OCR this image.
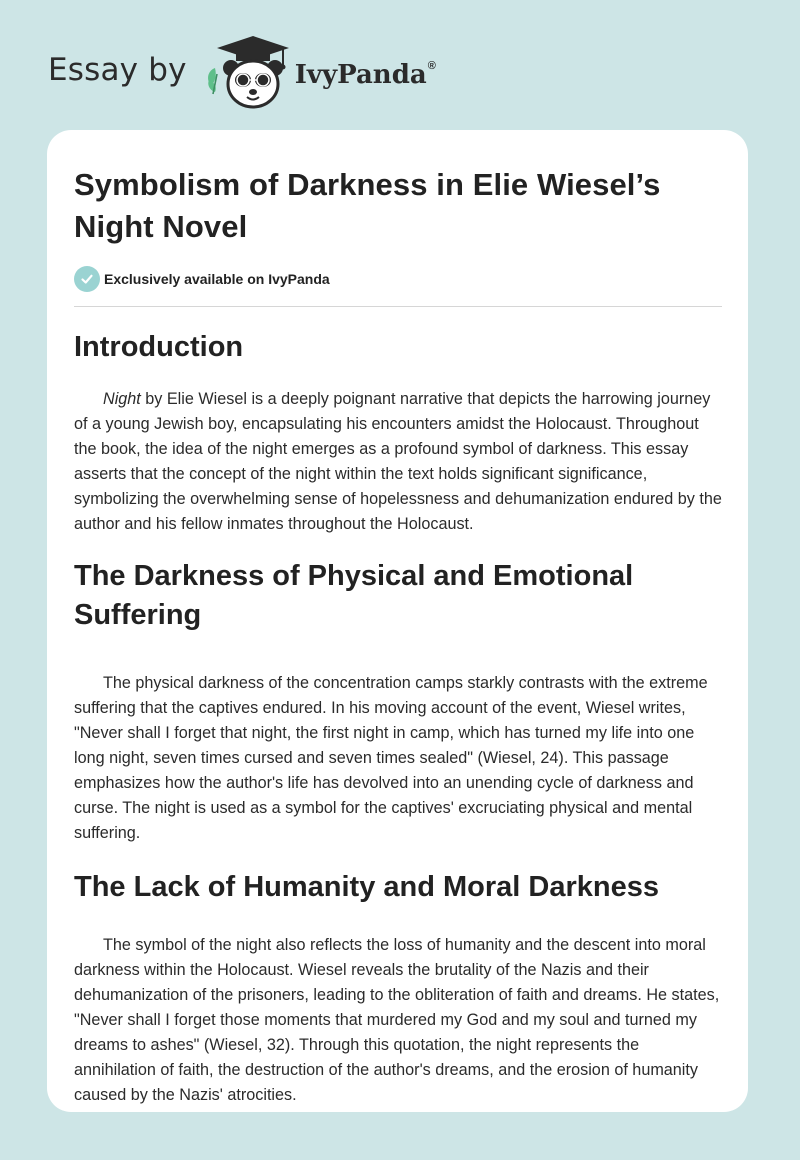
Essay by	IvyPanda®
Symbolism of Darkness in Elie Wiesel’s Night Novel
Exclusively available on IvyPanda
Introduction

Night by Elie Wiesel is a deeply poignant narrative that depicts the harrowing journey of a young Jewish boy, encapsulating his encounters amidst the Holocaust. Throughout the book, the idea of the night emerges as a profound symbol of darkness. This essay asserts that the concept of the night within the text holds significant significance, symbolizing the overwhelming sense of hopelessness and dehumanization endured by the author and his fellow inmates throughout the Holocaust.

The Darkness of Physical and Emotional Suffering

The physical darkness of the concentration camps starkly contrasts with the extreme suffering that the captives endured. In his moving account of the event, Wiesel writes, "Never shall I forget that night, the first night in camp, which has turned my life into one long night, seven times cursed and seven times sealed" (Wiesel, 24). This passage emphasizes how the author's life has devolved into an unending cycle of darkness and curse. The night is used as a symbol for the captives' excruciating physical and mental suffering.

The Lack of Humanity and Moral Darkness

The symbol of the night also reflects the loss of humanity and the descent into moral darkness within the Holocaust. Wiesel reveals the brutality of the Nazis and their dehumanization of the prisoners, leading to the obliteration of faith and dreams. He states, "Never shall I forget those moments that murdered my God and my soul and turned my dreams to ashes" (Wiesel, 32). Through this quotation, the night represents the annihilation of faith, the destruction of the author's dreams, and the erosion of humanity caused by the Nazis' atrocities.
